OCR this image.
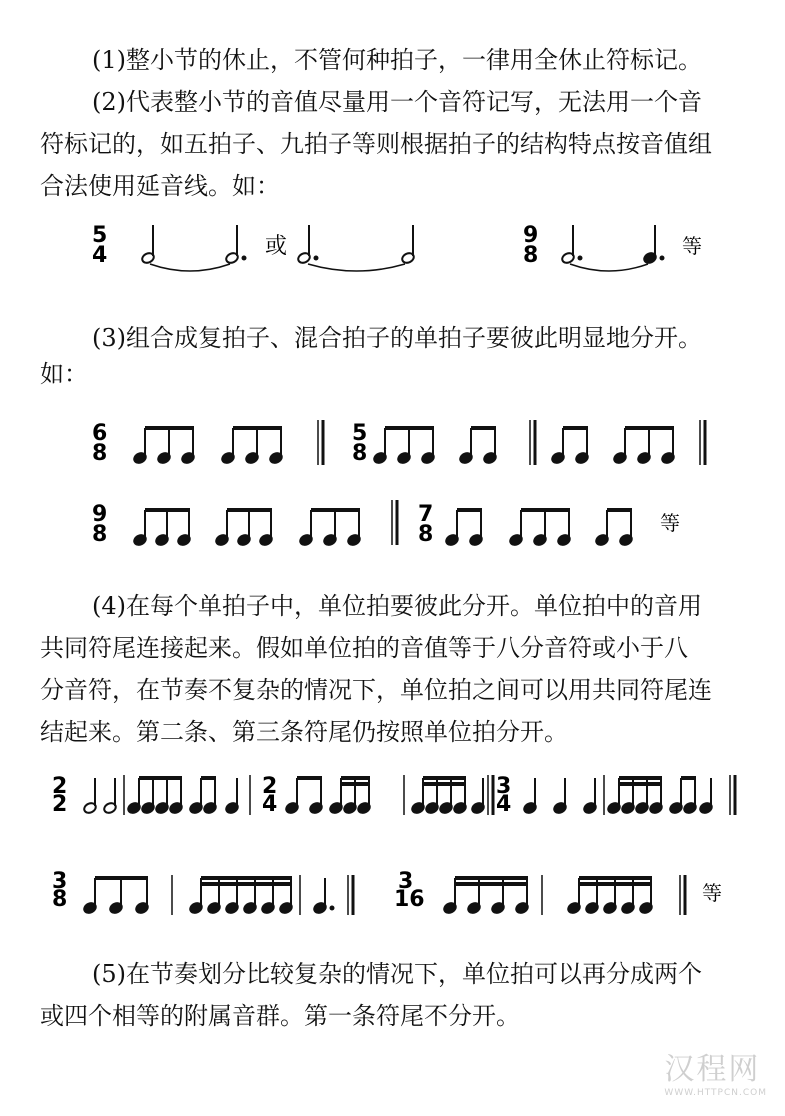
(1)整小节的休止，不管何种拍子，一律用全休止符标记。
(2)代表整小节的音值尽量用一个音符记写，无法用一个音
符标记的，如五拍子、九拍子等则根据拍子的结构特点按音值组
合法使用延音线。如：
(3)组合成复拍子、混合拍子的单拍子要彼此明显地分开。
如：
(4)在每个单拍子中，单位拍要彼此分开。单位拍中的音用
共同符尾连接起来。假如单位拍的音值等于八分音符或小于八
分音符，在节奏不复杂的情况下，单位拍之间可以用共同符尾连
结起来。第二条、第三条符尾仍按照单位拍分开。
(5)在节奏划分比较复杂的情况下，单位拍可以再分成两个
或四个相等的附属音群。第一条符尾不分开。
5
4	或	9
8	等
6
8
5
8
9
8
7
8	等
2
2
2
4
3
4
3
8
3
16	等
汉程网
WWW.HTTPCN.COM
